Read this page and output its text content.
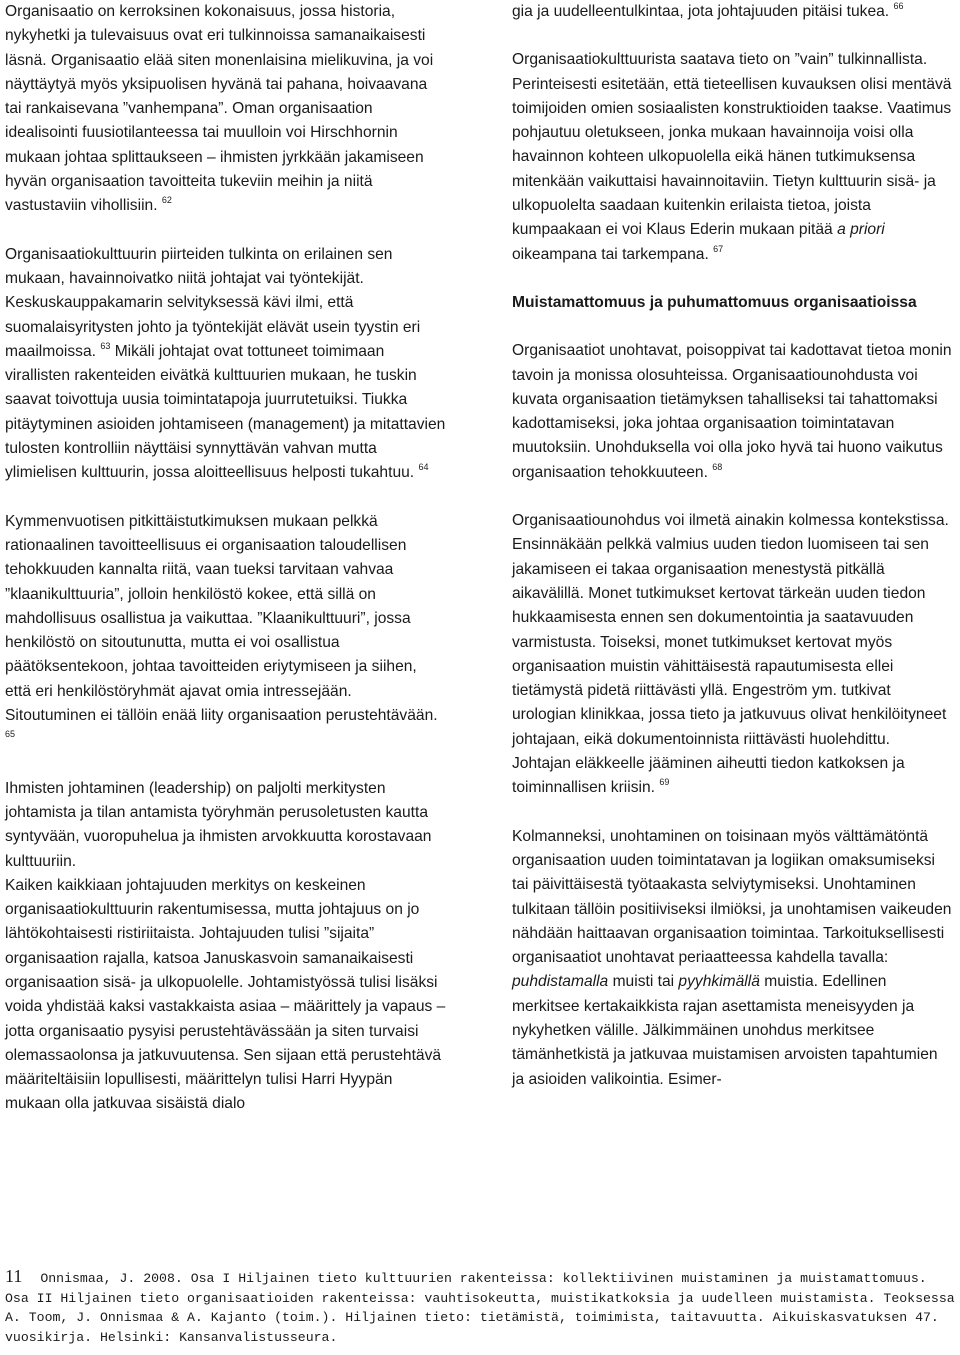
Organisaatio on kerroksinen kokonaisuus, jossa historia, nykyhetki ja tulevaisuus ovat eri tulkinnoissa samanaikaisesti läsnä. Organisaatio elää siten monenlaisina mielikuvina, ja voi näyttäytyä myös yksipuolisen hyvänä tai pahana, hoivaavana tai rankaisevana ”vanhempana”. Oman organisaation idealisointi fuusiotilanteessa tai muulloin voi Hirschhornin mukaan johtaa splittaukseen – ihmisten jyrkkään jakamiseen hyvän organisaation tavoitteita tukeviin meihin ja niitä vastustaviin vihollisiin. $^{62}$

Organisaatiokulttuurin piirteiden tulkinta on erilainen sen mukaan, havainnoivatko niitä johtajat vai työntekijät. Keskuskauppakamarin selvityksessä kävi ilmi, että suomalaisyritysten johto ja työntekijät elävät usein tyystin eri maailmoissa. $^{63}$ Mikäli johtajat ovat tottuneet toimimaan virallisten rakenteiden eivätkä kulttuurien mukaan, he tuskin saavat toivottuja uusia toimintatapoja juurrutetuiksi. Tiukka pitäytyminen asioiden johtamiseen (management) ja mitattavien tulosten kontrolliin näyttäisi synnyttävän vahvan mutta ylimielisen kulttuurin, jossa aloitteellisuus helposti tukahtuu. $^{64}$

Kymmenvuotisen pitkittäistutkimuksen mukaan pelkkä rationaalinen tavoitteellisuus ei organisaation taloudellisen tehokkuuden kannalta riitä, vaan tueksi tarvitaan vahvaa ”klaanikulttuuria”, jolloin henkilöstö kokee, että sillä on mahdollisuus osallistua ja vaikuttaa. ”Klaanikulttuuri”, jossa henkilöstö on sitoutunutta, mutta ei voi osallistua päätöksentekoon, johtaa tavoitteiden eriytymiseen ja siihen, että eri henkilöstöryhmät ajavat omia intressejään. Sitoutuminen ei tällöin enää liity organisaation perustehtävään. $^{65}$

Ihmisten johtaminen (leadership) on paljolti merkitysten johtamista ja tilan antamista työryhmän perusoletusten kautta syntyvään, vuoropuhelua ja ihmisten arvokkuutta korostavaan kulttuuriin.

Kaiken kaikkiaan johtajuuden merkitys on keskeinen organisaatiokulttuurin rakentumisessa, mutta johtajuus on jo lähtökohtaisesti ristiriitaista. Johtajuuden tulisi ”sijaita” organisaation rajalla, katsoa Januskasvoin samanaikaisesti organisaation sisä- ja ulkopuolelle. Johtamistyössä tulisi lisäksi voida yhdistää kaksi vastakkaista asiaa – määrittely ja vapaus – jotta organisaatio pysyisi perustehtävässään ja siten turvaisi olemassaolonsa ja jatkuvuutensa. Sen sijaan että perustehtävä määriteltäisiin lopullisesti, määrittelyn tulisi Harri Hyypän mukaan olla jatkuvaa sisäistä dialo

gia ja uudelleentulkintaa, jota johtajuuden pitäisi tukea. $^{66}$

Organisaatiokulttuurista saatava tieto on ”vain” tulkinnallista. Perinteisesti esitetään, että tieteellisen kuvauksen olisi mentävä toimijoiden omien sosiaalisten konstruktioiden taakse. Vaatimus pohjautuu oletukseen, jonka mukaan havainnoija voisi olla havainnon kohteen ulkopuolella eikä hänen tutkimuksensa mitenkään vaikuttaisi havainnoitaviin. Tietyn kulttuurin sisä- ja ulkopuolelta saadaan kuitenkin erilaista tietoa, joista kumpaakaan ei voi Klaus Ederin mukaan pitää a priori oikeampana tai tarkempana. $^{67}$

Muistamattomuus ja puhumattomuus organisaatioissa

Organisaatiot unohtavat, poisoppivat tai kadottavat tietoa monin tavoin ja monissa olosuhteissa. Organisaatiounohdusta voi kuvata organisaation tietämyksen tahalliseksi tai tahattomaksi kadottamiseksi, joka johtaa organisaation toimintatavan muutoksiin. Unohduksella voi olla joko hyvä tai huono vaikutus organisaation tehokkuuteen. $^{68}$

Organisaatiounohdus voi ilmetä ainakin kolmessa kontekstissa. Ensinnäkään pelkkä valmius uuden tiedon luomiseen tai sen jakamiseen ei takaa organisaation menestystä pitkällä aikavälillä. Monet tutkimukset kertovat tärkeän uuden tiedon hukkaamisesta ennen sen dokumentointia ja saatavuuden varmistusta. Toiseksi, monet tutkimukset kertovat myös organisaation muistin vähittäisestä rapautumisesta ellei tietämystä pidetä riittävästi yllä. Engeström ym. tutkivat urologian klinikkaa, jossa tieto ja jatkuvuus olivat henkilöityneet johtajaan, eikä dokumentoinnista riittävästi huolehdittu. Johtajan eläkkeelle jääminen aiheutti tiedon katkoksen ja toiminnallisen kriisin. $^{69}$

Kolmanneksi, unohtaminen on toisinaan myös välttämätöntä organisaation uuden toimintatavan ja logiikan omaksumiseksi tai päivittäisestä työtaakasta selviytymiseksi. Unohtaminen tulkitaan tällöin positiiviseksi ilmiöksi, ja unohtamisen vaikeuden nähdään haittaavan organisaation toimintaa. Tarkoituksellisesti organisaatiot unohtavat periaatteessa kahdella tavalla: puhdistamalla muisti tai pyyhkimällä muistia. Edellinen merkitsee kertakaikkista rajan asettamista meneisyyden ja nykyhetken välille. Jälkimmäinen unohdus merkitsee tämänhetkistä ja jatkuvaa muistamisen arvoisten tapahtumien ja asioiden valikointia. Esimer-

11 Onnismaa, J. 2008. Osa I Hiljainen tieto kulttuurien rakenteissa: kollektiivinen muistaminen ja muistamattomuus. Osa II Hiljainen tieto organisaatioiden rakenteissa: vauhtisokeutta, muistikatkoksia ja uudelleen muistamista. Teoksessa A. Toom, J. Onnismaa & A. Kajanto (toim.). Hiljainen tieto: tietämistä, toimimista, taitavuutta. Aikuiskasvatuksen 47. vuosikirja. Helsinki: Kansanvalistusseura.
